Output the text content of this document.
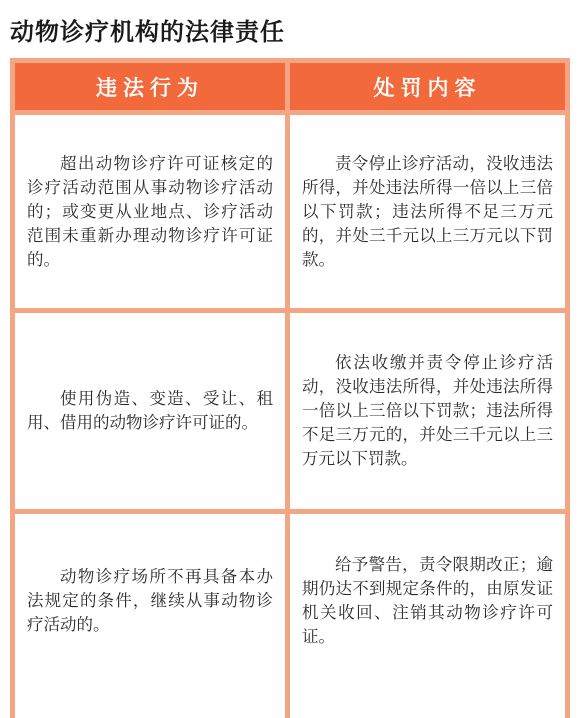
动物诊疗机构的法律责任
违法行为	处罚内容

超出动物诊疗许可证核定的诊疗活动范围从事动物诊疗活动的；或变更从业地点、诊疗活动范围未重新办理动物诊疗许可证的。

责令停止诊疗活动，没收违法所得，并处违法所得一倍以上三倍以下罚款；违法所得不足三万元的，并处三千元以上三万元以下罚款。

使用伪造、变造、受让、租用、借用的动物诊疗许可证的。

依法收缴并责令停止诊疗活动，没收违法所得，并处违法所得一倍以上三倍以下罚款；违法所得不足三万元的，并处三千元以上三万元以下罚款。

动物诊疗场所不再具备本办法规定的条件，继续从事动物诊疗活动的。

给予警告，责令限期改正；逾期仍达不到规定条件的，由原发证机关收回、注销其动物诊疗许可证。
